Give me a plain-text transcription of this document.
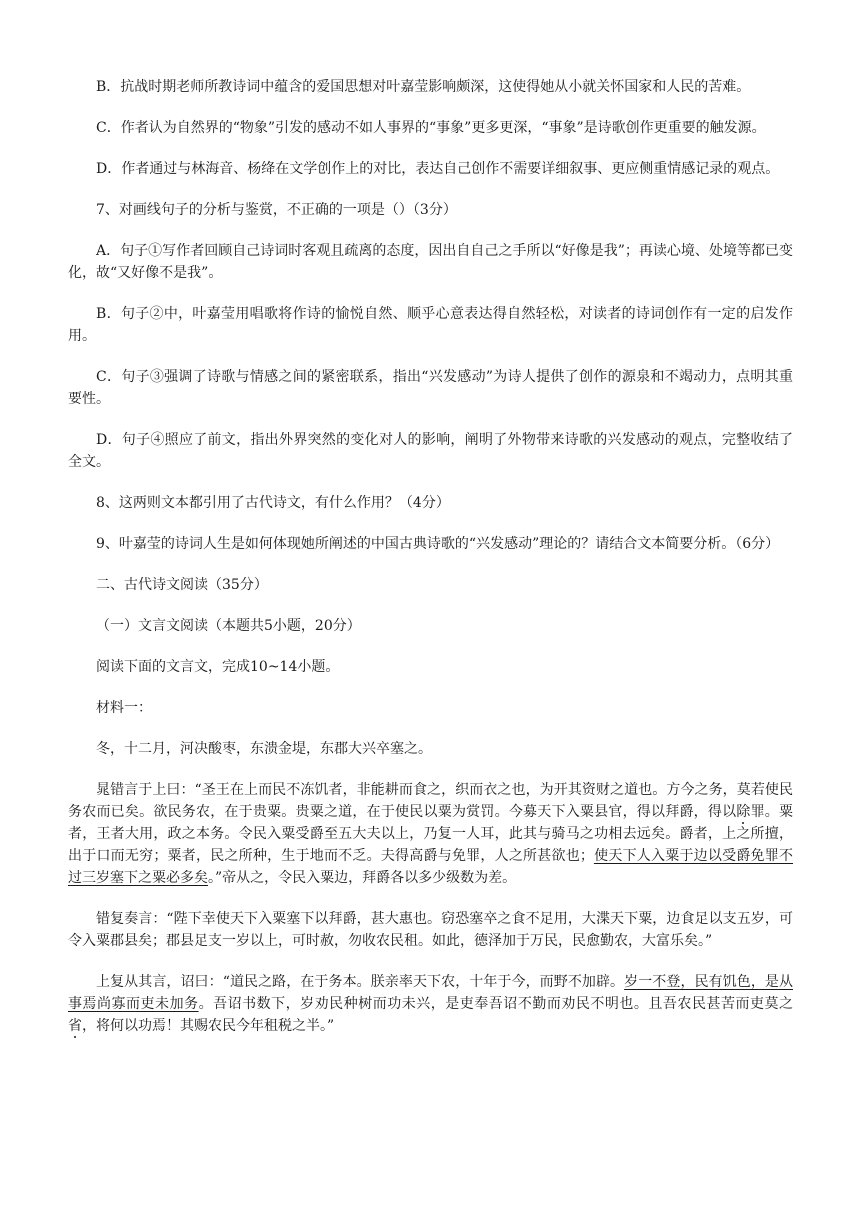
B．抗战时期老师所教诗词中蕴含的爱国思想对叶嘉莹影响颇深，这使得她从小就关怀国家和人民的苦难。

C．作者认为自然界的“物象”引发的感动不如人事界的“事象”更多更深，“事象”是诗歌创作更重要的触发源。

D．作者通过与林海音、杨绛在文学创作上的对比，表达自己创作不需要详细叙事、更应侧重情感记录的观点。

7、对画线句子的分析与鉴赏，不正确的一项是（）（3分）

A．句子①写作者回顾自己诗词时客观且疏离的态度，因出自自己之手所以“好像是我”；再读心境、处境等都已变化，故“又好像不是我”。

B．句子②中，叶嘉莹用唱歌将作诗的愉悦自然、顺乎心意表达得自然轻松，对读者的诗词创作有一定的启发作用。

C．句子③强调了诗歌与情感之间的紧密联系，指出“兴发感动”为诗人提供了创作的源泉和不竭动力，点明其重要性。

D．句子④照应了前文，指出外界突然的变化对人的影响，阐明了外物带来诗歌的兴发感动的观点，完整收结了全文。

8、这两则文本都引用了古代诗文，有什么作用？（4分）

9、叶嘉莹的诗词人生是如何体现她所阐述的中国古典诗歌的“兴发感动”理论的？请结合文本简要分析。（6分）

二、古代诗文阅读（35分）

（一）文言文阅读（本题共5小题，20分）

阅读下面的文言文，完成10~14小题。

材料一：

冬，十二月，河决酸枣，东溃金堤，东郡大兴卒塞之。

晁错言于上曰：“圣王在上而民不冻饥者，非能耕而食之，织而衣之也，为开其资财之道也。方今之务，莫若使民务农而已矣。欲民务农，在于贵粟。贵粟之道，在于使民以粟为赏罚。今募天下入粟县官，得以拜爵，得以除罪。粟者，王者大用，政之本务。令民入粟受爵至五大夫以上，乃复一人耳，此其与骑马之功相去远矣。爵者，上之所擅，出于口而无穷；粟者，民之所种，生于地而不乏。夫得高爵与免罪，人之所甚欲也；使天下人入粟于边以受爵免罪不过三岁塞下之粟必多矣。”帝从之，令民入粟边，拜爵各以多少级数为差。

错复奏言：“陛下幸使天下入粟塞下以拜爵，甚大惠也。窃恐塞卒之食不足用，大渫天下粟，边食足以支五岁，可令入粟郡县矣；郡县足支一岁以上，可时赦，勿收农民租。如此，德泽加于万民，民愈勤农，大富乐矣。”

上复从其言，诏曰：“道民之路，在于务本。朕亲率天下农，十年于今，而野不加辟。岁一不登，民有饥色，是从事焉尚寡而吏未加务。吾诏书数下，岁劝民种树而功未兴，是吏奉吾诏不勤而劝民不明也。且吾农民甚苦而吏莫之省，将何以功焉！其赐农民今年租税之半。”
